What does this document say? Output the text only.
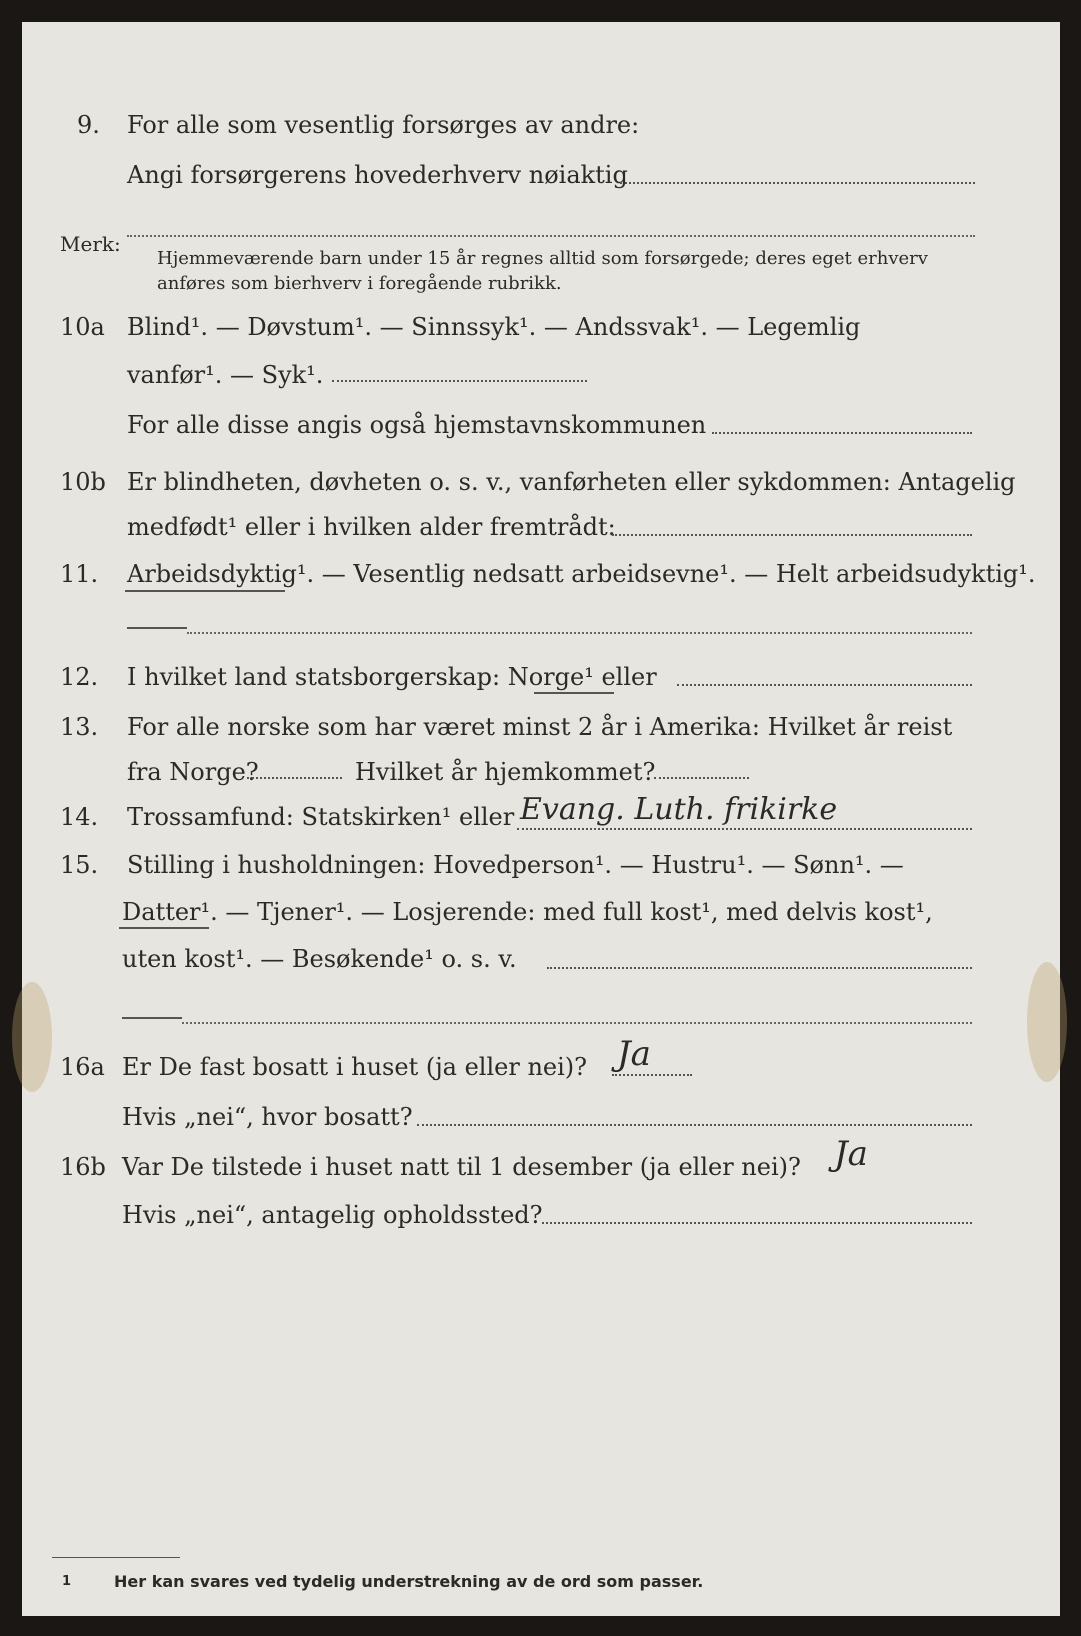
9. For alle som vesentlig forsørges av andre:
Angi forsørgerens hovederhverv nøiaktig
Merk:
Hjemmeværende barn under 15 år regnes alltid som forsørgede; deres eget erhverv
anføres som bierhverv i foregående rubrikk.
10a Blind¹. — Døvstum¹. — Sinnssyk¹. — Andssvak¹. — Legemlig
vanfør¹. — Syk¹.
For alle disse angis også hjemstavnskommunen
10b Er blindheten, døvheten o. s. v., vanførheten eller sykdommen: Antagelig
medfødt¹ eller i hvilken alder fremtrådt:
11. Arbeidsdyktig¹. — Vesentlig nedsatt arbeidsevne¹. — Helt arbeidsudyktig¹.
12. I hvilket land statsborgerskap: Norge¹ eller
13. For alle norske som har været minst 2 år i Amerika: Hvilket år reist
fra Norge?	Hvilket år hjemkommet?
14. Trossamfund: Statskirken¹ eller Evang. Luth. frikirke
15. Stilling i husholdningen: Hovedperson¹. — Hustru¹. — Sønn¹. —
Datter¹. — Tjener¹. — Losjerende: med full kost¹, med delvis kost¹,
uten kost¹. — Besøkende¹ o. s. v.
16a Er De fast bosatt i huset (ja eller nei)? Ja
Hvis „nei“, hvor bosatt?
16b Var De tilstede i huset natt til 1 desember (ja eller nei)? Ja
Hvis „nei“, antagelig opholdssted?
1	Her kan svares ved tydelig understrekning av de ord som passer.
